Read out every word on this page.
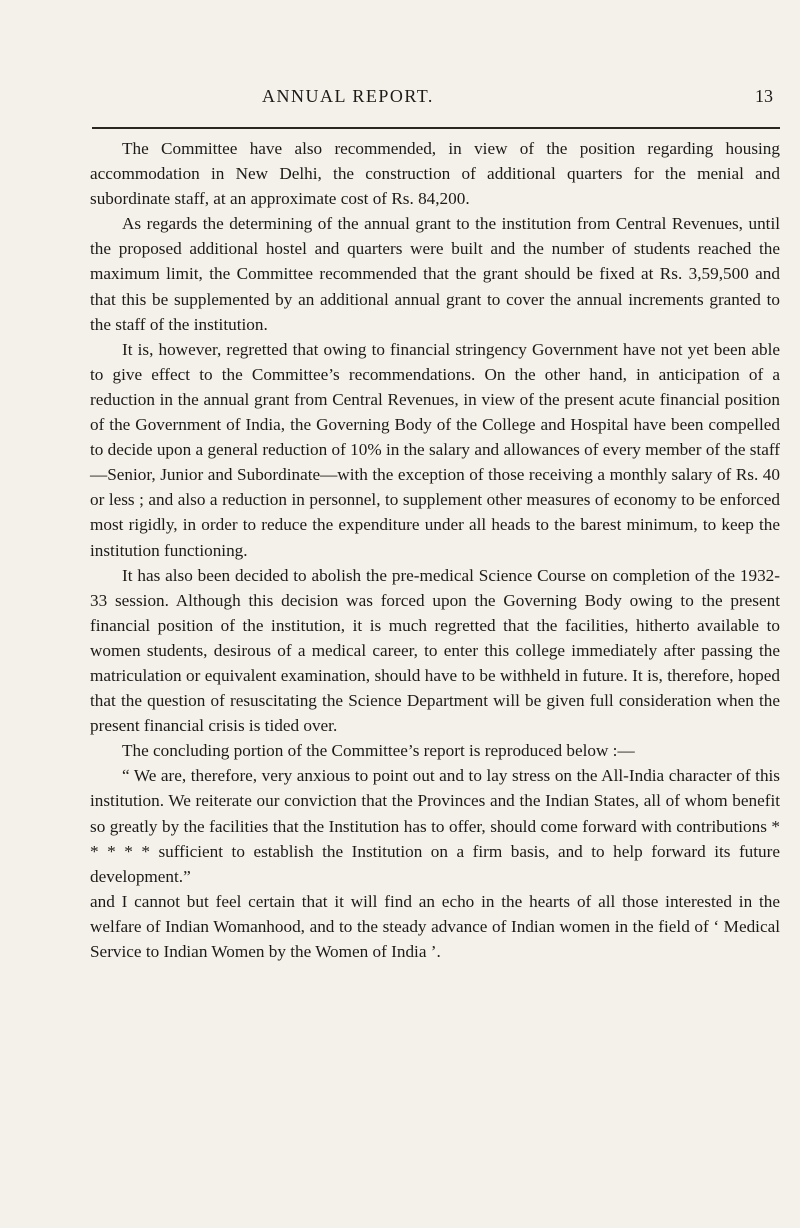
ANNUAL REPORT.	13

The Committee have also recommended, in view of the position regarding housing accommodation in New Delhi, the construction of additional quarters for the menial and subordinate staff, at an approximate cost of Rs. 84,200.

As regards the determining of the annual grant to the institution from Central Revenues, until the proposed additional hostel and quarters were built and the number of students reached the maximum limit, the Committee recommended that the grant should be fixed at Rs. 3,59,500 and that this be supplemented by an additional annual grant to cover the annual increments granted to the staff of the institution.

It is, however, regretted that owing to financial stringency Government have not yet been able to give effect to the Committee’s recommendations. On the other hand, in anticipation of a reduction in the annual grant from Central Revenues, in view of the present acute financial position of the Government of India, the Governing Body of the College and Hospital have been compelled to decide upon a general reduction of 10% in the salary and allowances of every member of the staff—Senior, Junior and Subordinate—with the exception of those receiving a monthly salary of Rs. 40 or less ; and also a reduction in personnel, to supplement other measures of economy to be enforced most rigidly, in order to reduce the expenditure under all heads to the barest minimum, to keep the institution functioning.

It has also been decided to abolish the pre-medical Science Course on completion of the 1932-33 session. Although this decision was forced upon the Governing Body owing to the present financial position of the institution, it is much regretted that the facilities, hitherto available to women students, desirous of a medical career, to enter this college immediately after passing the matriculation or equivalent examination, should have to be withheld in future. It is, therefore, hoped that the question of resuscitating the Science Department will be given full consideration when the present financial crisis is tided over.

The concluding portion of the Committee’s report is reproduced below :—

“ We are, therefore, very anxious to point out and to lay stress on the All-India character of this institution. We reiterate our conviction that the Provinces and the Indian States, all of whom benefit so greatly by the facilities that the Institution has to offer, should come forward with contributions * * * * * sufficient to establish the Institution on a firm basis, and to help forward its future development.”

and I cannot but feel certain that it will find an echo in the hearts of all those interested in the welfare of Indian Womanhood, and to the steady advance of Indian women in the field of ‘ Medical Service to Indian Women by the Women of India ’.
